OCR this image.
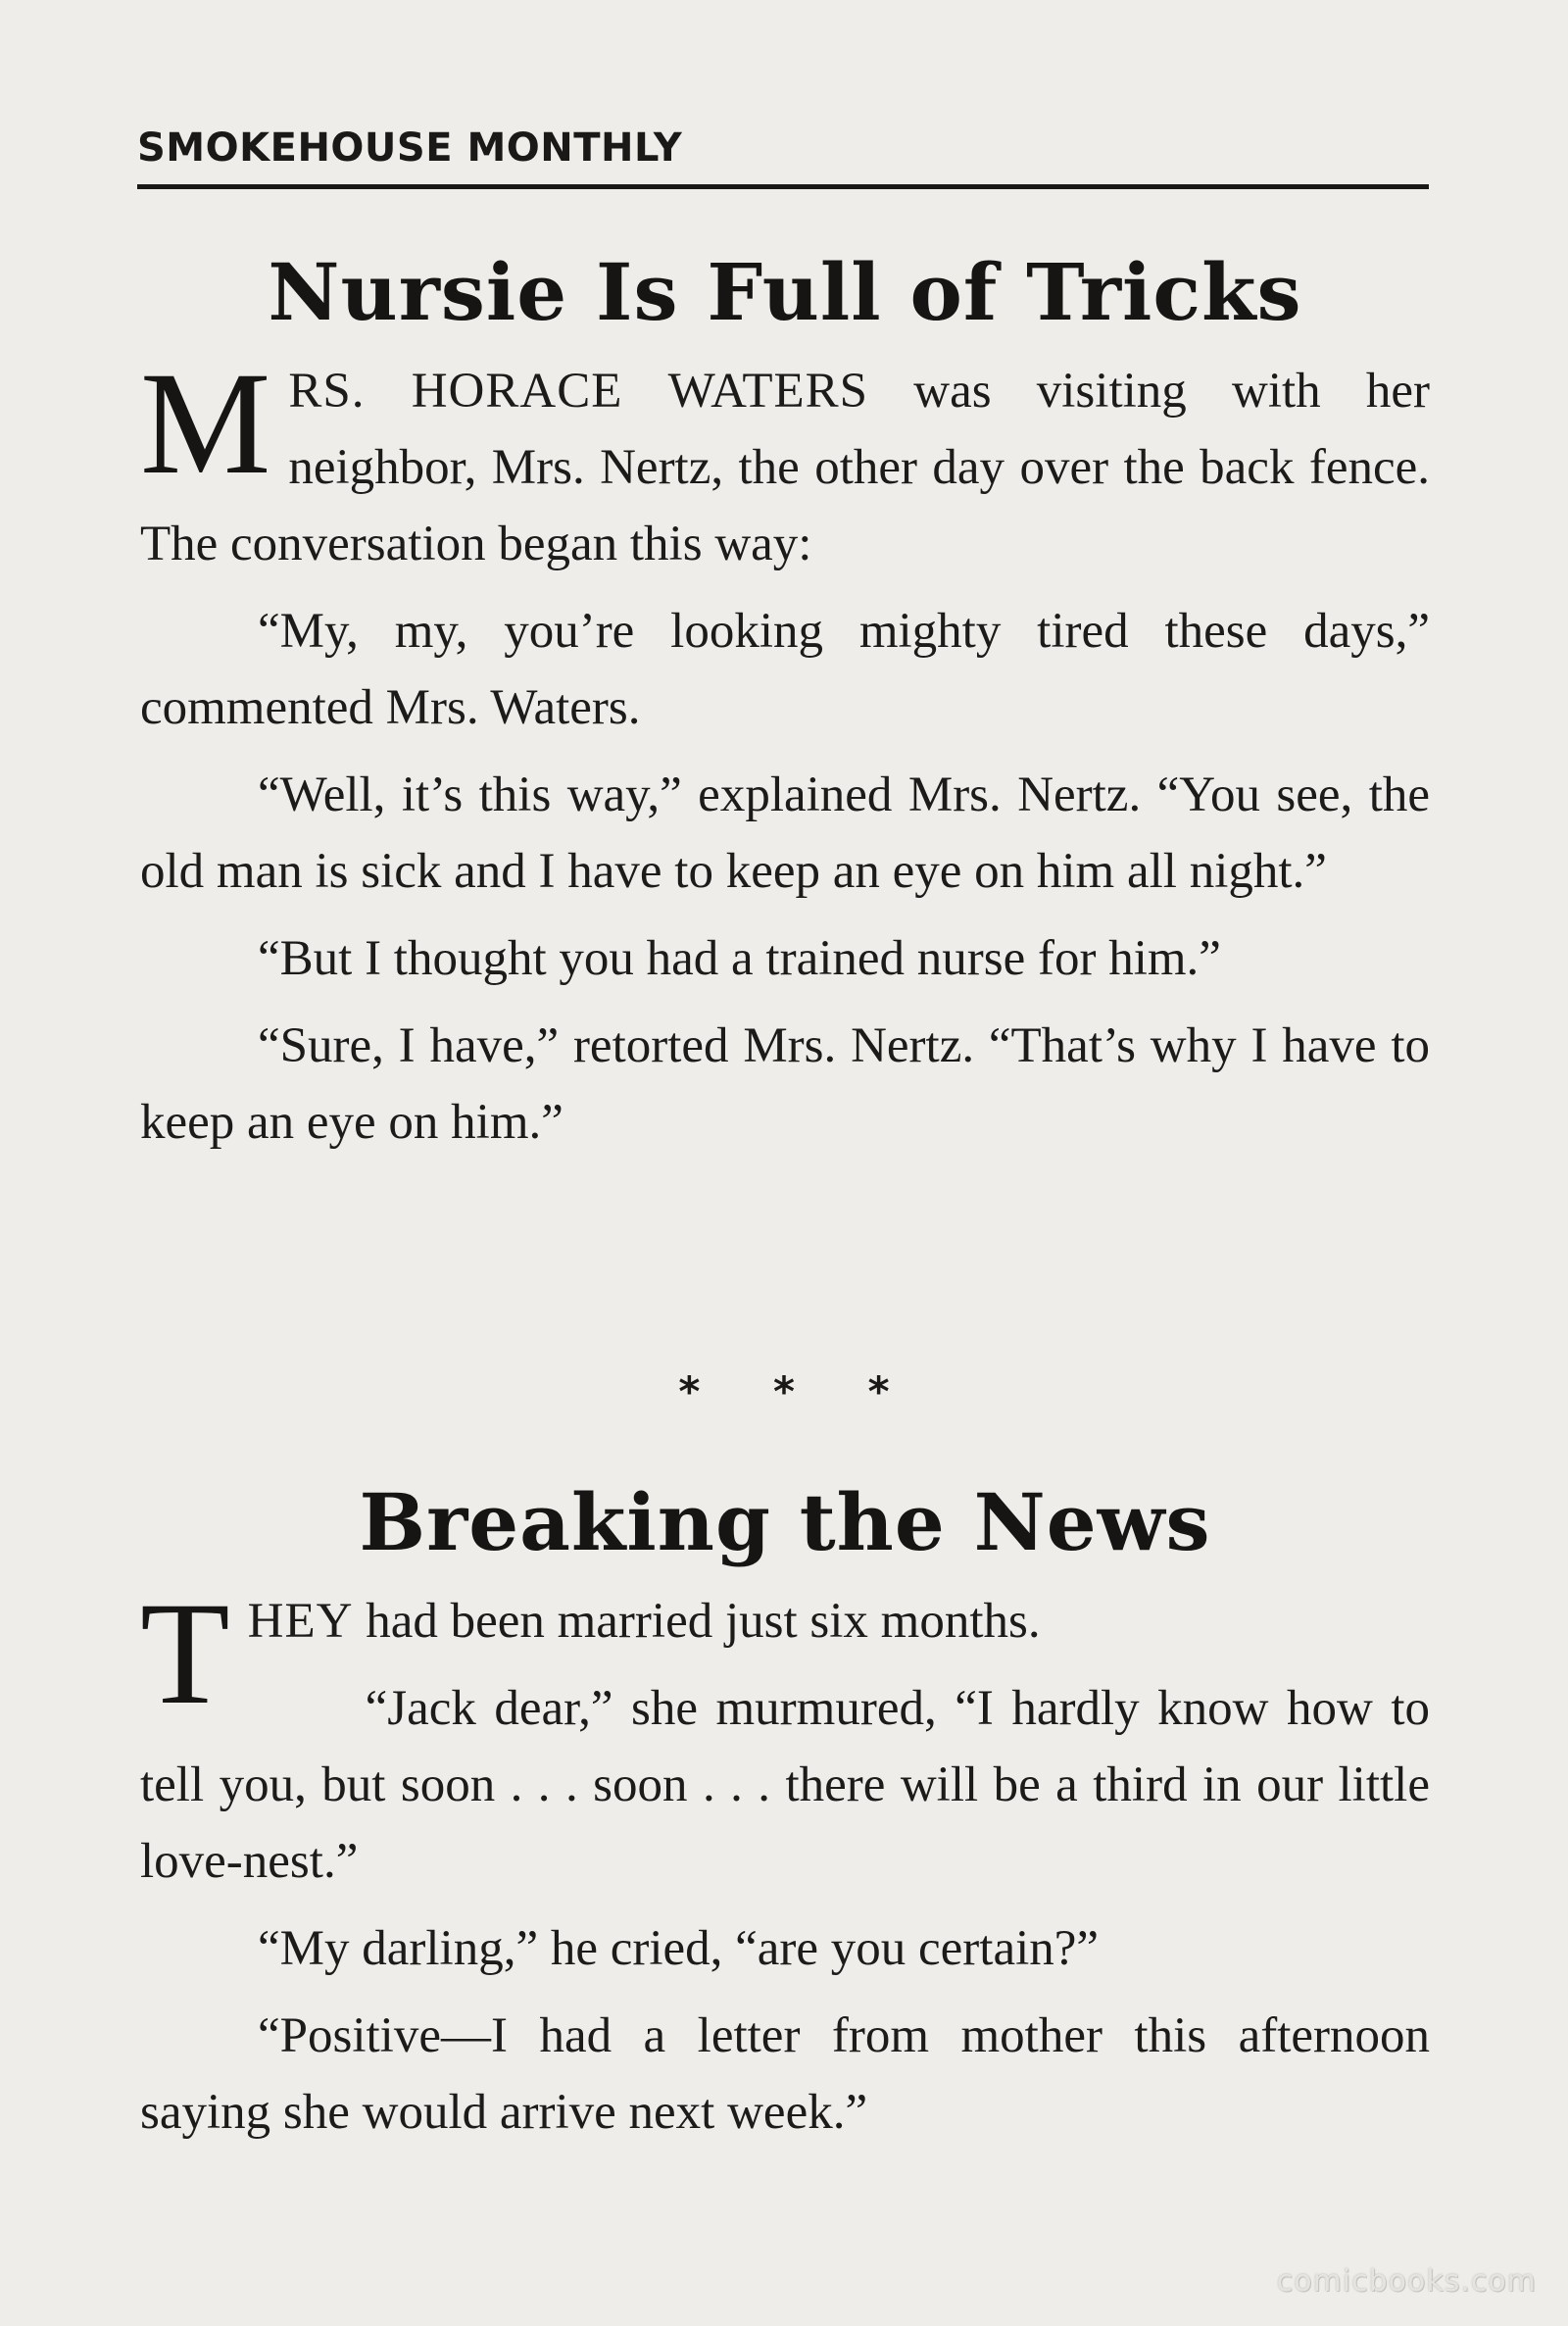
SMOKEHOUSE MONTHLY
Nursie Is Full of Tricks

MRS. HORACE WATERS was visiting with her neighbor, Mrs. Nertz, the other day over the back fence. The conversation began this way:

“My, my, you’re looking mighty tired these days,” commented Mrs. Waters.

“Well, it’s this way,” explained Mrs. Nertz. “You see, the old man is sick and I have to keep an eye on him all night.”

“But I thought you had a trained nurse for him.”

“Sure, I have,” retorted Mrs. Nertz. “That’s why I have to keep an eye on him.”

* * *
Breaking the News

THEY had been married just six months.

“Jack dear,” she murmured, “I hardly know how to tell you, but soon . . . soon . . . there will be a third in our little love-nest.”

“My darling,” he cried, “are you certain?”

“Positive—I had a letter from mother this afternoon saying she would arrive next week.”

comicbooks.com
